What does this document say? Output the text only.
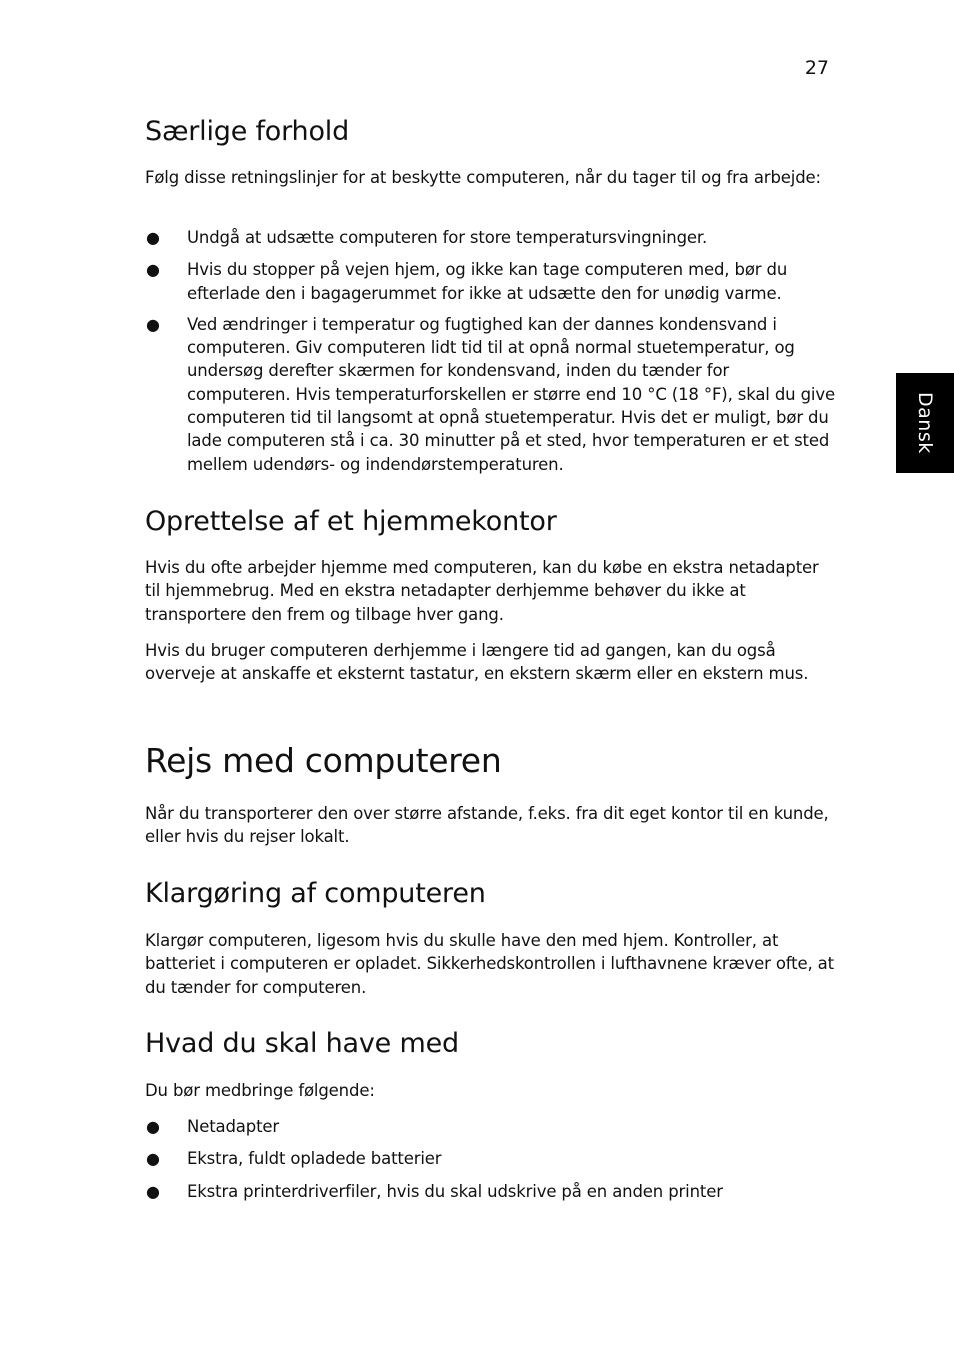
27
Dansk
Særlige forhold

Følg disse retningslinjer for at beskytte computeren, når du tager til og fra arbejde:

● Undgå at udsætte computeren for store temperatursvingninger.
● Hvis du stopper på vejen hjem, og ikke kan tage computeren med, bør du efterlade den i bagagerummet for ikke at udsætte den for unødig varme.
● Ved ændringer i temperatur og fugtighed kan der dannes kondensvand i computeren. Giv computeren lidt tid til at opnå normal stuetemperatur, og undersøg derefter skærmen for kondensvand, inden du tænder for computeren. Hvis temperaturforskellen er større end 10 °C (18 °F), skal du give computeren tid til langsomt at opnå stuetemperatur. Hvis det er muligt, bør du lade computeren stå i ca. 30 minutter på et sted, hvor temperaturen er et sted mellem udendørs- og indendørstemperaturen.
Oprettelse af et hjemmekontor

Hvis du ofte arbejder hjemme med computeren, kan du købe en ekstra netadapter til hjemmebrug. Med en ekstra netadapter derhjemme behøver du ikke at transportere den frem og tilbage hver gang.

Hvis du bruger computeren derhjemme i længere tid ad gangen, kan du også overveje at anskaffe et eksternt tastatur, en ekstern skærm eller en ekstern mus.

Rejs med computeren

Når du transporterer den over større afstande, f.eks. fra dit eget kontor til en kunde, eller hvis du rejser lokalt.

Klargøring af computeren

Klargør computeren, ligesom hvis du skulle have den med hjem. Kontroller, at batteriet i computeren er opladet. Sikkerhedskontrollen i lufthavnene kræver ofte, at du tænder for computeren.

Hvad du skal have med

Du bør medbringe følgende:

● Netadapter
● Ekstra, fuldt opladede batterier
● Ekstra printerdriverfiler, hvis du skal udskrive på en anden printer
